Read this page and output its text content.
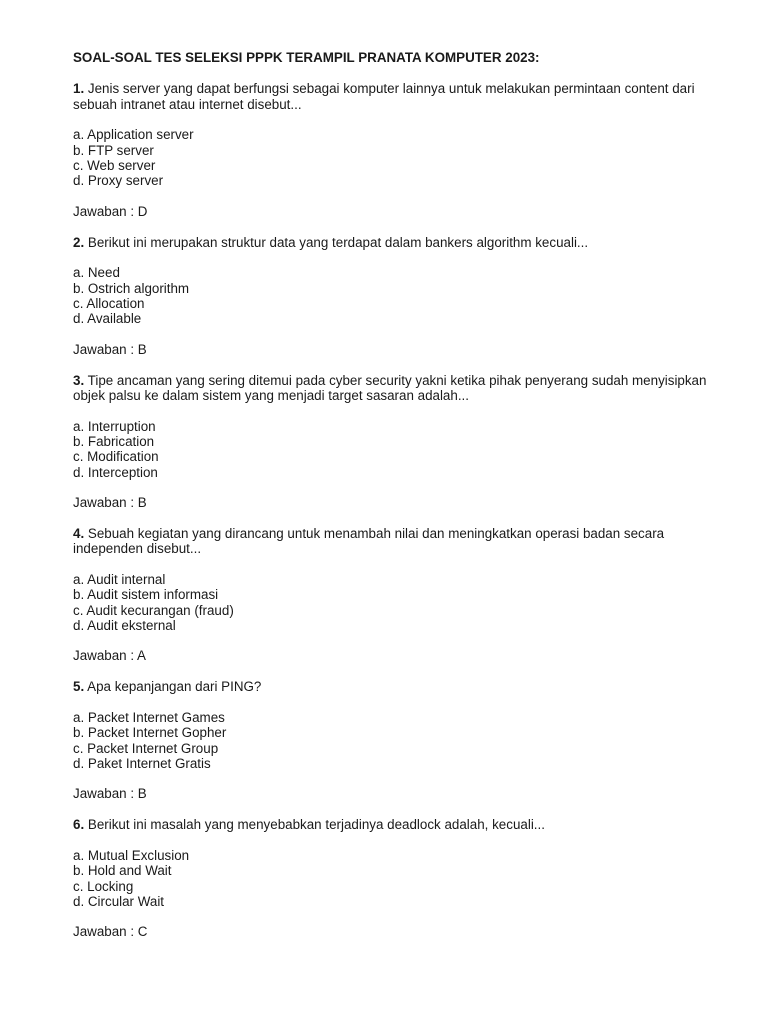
SOAL-SOAL TES SELEKSI PPPK TERAMPIL PRANATA KOMPUTER 2023:

1. Jenis server yang dapat berfungsi sebagai komputer lainnya untuk melakukan permintaan content dari sebuah intranet atau internet disebut...

a. Application server
b. FTP server
c. Web server
d. Proxy server

Jawaban : D

2. Berikut ini merupakan struktur data yang terdapat dalam bankers algorithm kecuali...

a. Need
b. Ostrich algorithm
c. Allocation
d. Available

Jawaban : B

3. Tipe ancaman yang sering ditemui pada cyber security yakni ketika pihak penyerang sudah menyisipkan objek palsu ke dalam sistem yang menjadi target sasaran adalah...

a. Interruption
b. Fabrication
c. Modification
d. Interception

Jawaban : B

4. Sebuah kegiatan yang dirancang untuk menambah nilai dan meningkatkan operasi badan secara independen disebut...

a. Audit internal
b. Audit sistem informasi
c. Audit kecurangan (fraud)
d. Audit eksternal

Jawaban : A

5. Apa kepanjangan dari PING?

a. Packet Internet Games
b. Packet Internet Gopher
c. Packet Internet Group
d. Paket Internet Gratis

Jawaban : B

6. Berikut ini masalah yang menyebabkan terjadinya deadlock adalah, kecuali...

a. Mutual Exclusion
b. Hold and Wait
c. Locking
d. Circular Wait

Jawaban : C
